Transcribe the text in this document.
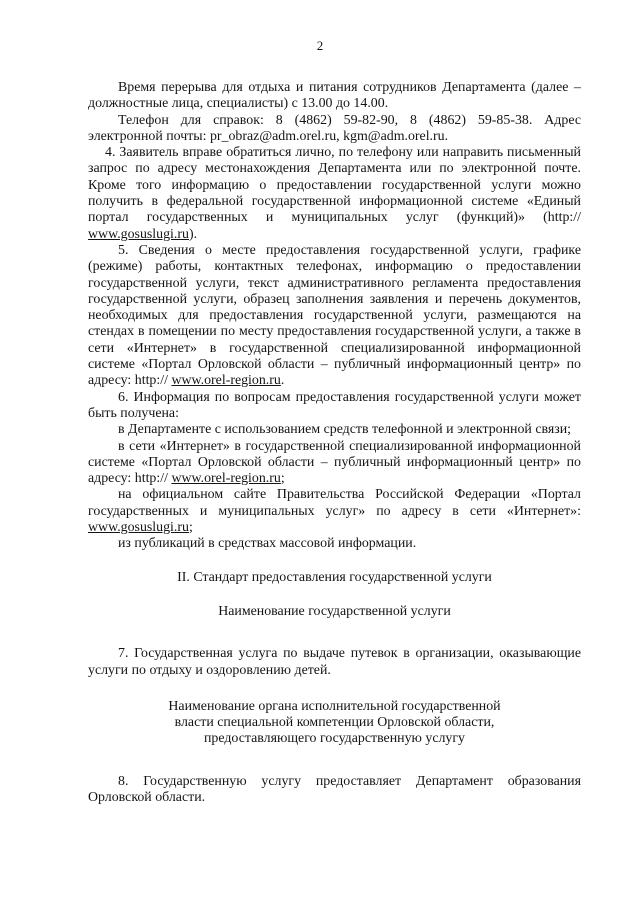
2

Время перерыва для отдыха и питания сотрудников Департамента (далее – должностные лица, специалисты) с 13.00 до 14.00.

Телефон для справок: 8 (4862) 59-82-90, 8 (4862) 59-85-38. Адрес электронной почты: pr_obraz@adm.orel.ru, kgm@adm.orel.ru.

4. Заявитель вправе обратиться лично, по телефону или направить письменный запрос по адресу местонахождения Департамента или по электронной почте. Кроме того информацию о предоставлении государственной услуги можно получить в федеральной государственной информационной системе «Единый портал государственных и муниципальных услуг (функций)» (http:// www.gosuslugi.ru).

5. Сведения о месте предоставления государственной услуги, графике (режиме) работы, контактных телефонах, информацию о предоставлении государственной услуги, текст административного регламента предоставления государственной услуги, образец заполнения заявления и перечень документов, необходимых для предоставления государственной услуги, размещаются на стендах в помещении по месту предоставления государственной услуги, а также в сети «Интернет» в государственной специализированной информационной системе «Портал Орловской области – публичный информационный центр» по адресу: http:// www.orel-region.ru.

6. Информация по вопросам предоставления государственной услуги может быть получена:

в Департаменте с использованием средств телефонной и электронной связи;

в сети «Интернет» в государственной специализированной информационной системе «Портал Орловской области – публичный информационный центр» по адресу: http:// www.orel-region.ru;

на официальном сайте Правительства Российской Федерации «Портал государственных и муниципальных услуг» по адресу в сети «Интернет»: www.gosuslugi.ru;

из публикаций в средствах массовой информации.

II. Стандарт предоставления государственной услуги

Наименование государственной услуги

7. Государственная услуга по выдаче путевок в организации, оказывающие услуги по отдыху и оздоровлению детей.

Наименование органа исполнительной государственной

власти специальной компетенции Орловской области,

предоставляющего государственную услугу

8. Государственную услугу предоставляет Департамент образования Орловской области.
